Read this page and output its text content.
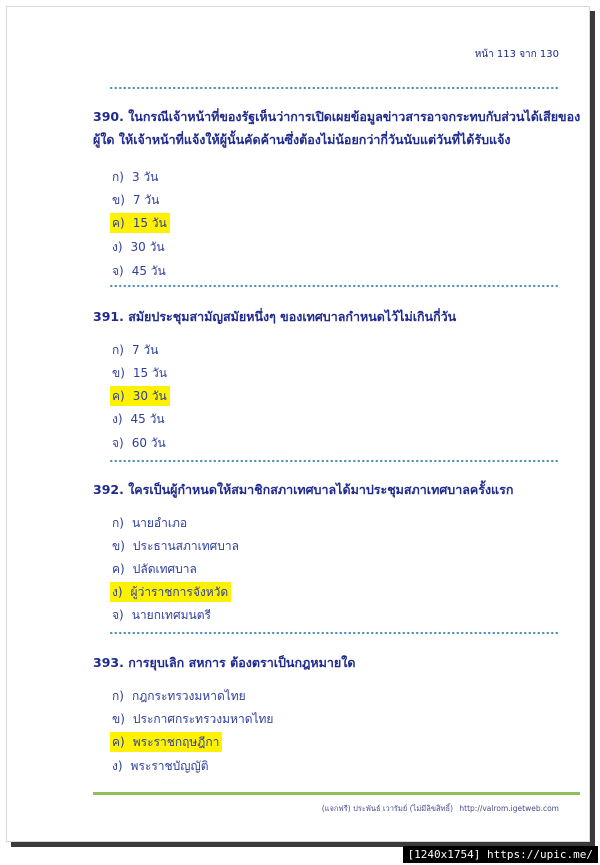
หน้า 113 จาก 130
390. ในกรณีเจ้าหน้าที่ของรัฐเห็นว่าการเปิดเผยข้อมูลข่าวสารอาจกระทบกับส่วนได้เสียของผู้ใด ให้เจ้าหน้าที่แจ้งให้ผู้นั้นคัดค้านซึ่งต้องไม่น้อยกว่ากี่วันนับแต่วันที่ได้รับแจ้ง
ก) 3 วัน
ข) 7 วัน
ค) 15 วัน
ง) 30 วัน
จ) 45 วัน
391. สมัยประชุมสามัญสมัยหนึ่งๆ ของเทศบาลกำหนดไว้ไม่เกินกี่วัน
ก) 7 วัน
ข) 15 วัน
ค) 30 วัน
ง) 45 วัน
จ) 60 วัน
392. ใครเป็นผู้กำหนดให้สมาชิกสภาเทศบาลได้มาประชุมสภาเทศบาลครั้งแรก
ก) นายอำเภอ
ข) ประธานสภาเทศบาล
ค) ปลัดเทศบาล
ง) ผู้ว่าราชการจังหวัด
จ) นายกเทศมนตรี
393. การยุบเลิก สหการ ต้องตราเป็นกฎหมายใด
ก) กฎกระทรวงมหาดไทย
ข) ประกาศกระทรวงมหาดไทย
ค) พระราชกฤษฎีกา
ง) พระราชบัญญัติ
(แจกฟรี) ประพันธ์ เวารัมย์ (ไม่มีลิขสิทธิ์) http://valrom.igetweb.com
[1240x1754] https://upic.me/
